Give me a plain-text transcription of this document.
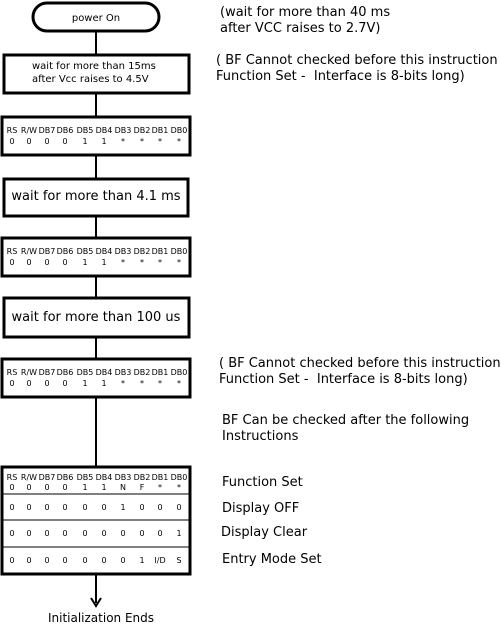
power On
wait for more than 15ms
after Vcc raises to 4.5V
RS R/W DB7 DB6 DB5 DB4 DB3 DB2 DB1 DB0
0 0 0 0 1 1 * * * *
wait for more than 4.1 ms
RS R/W DB7 DB6 DB5 DB4 DB3 DB2 DB1 DB0
0 0 0 0 1 1 * * * *
wait for more than 100 us
RS R/W DB7 DB6 DB5 DB4 DB3 DB2 DB1 DB0
0 0 0 0 1 1 * * * *
RS R/W DB7 DB6 DB5 DB4 DB3 DB2 DB1 DB0
0 0 0 0 1 1 N F * *
0 0 0 0 0 0 1 0 0 0
0 0 0 0 0 0 0 0 0 1
0 0 0 0 0 0 0 1 I/D S
Initialization Ends
(wait for more than 40 ms
after VCC raises to 2.7V)
( BF Cannot checked before this instruction
Function Set -  Interface is 8-bits long)
( BF Cannot checked before this instruction
Function Set -  Interface is 8-bits long)
BF Can be checked after the following
Instructions
Function Set
Display OFF
Display Clear
Entry Mode Set
